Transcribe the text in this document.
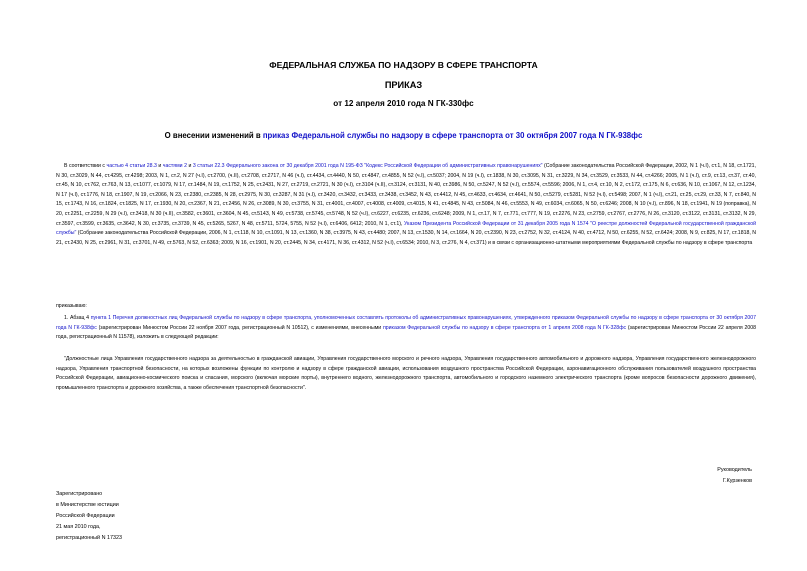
ФЕДЕРАЛЬНАЯ СЛУЖБА ПО НАДЗОРУ В СФЕРЕ ТРАНСПОРТА
ПРИКАЗ
от 12 апреля 2010 года N ГК-330фс
О внесении изменений в приказ Федеральной службы по надзору в сфере транспорта от 30 октября 2007 года N ГК-938фс
В соответствии с частью 4 статьи 28.3 и частями 2 и 3 статьи 22.3 Федерального закона от 30 декабря 2001 года N 195-ФЗ "Кодекс Российской Федерации об административных правонарушениях" (Собрание законодательства Российской Федерации, 2002, N 1 (ч.I), ст.1, N 18, ст.1721, N 30, ст.3029, N 44, ст.4295, ст.4298; 2003, N 1, ст.2, N 27 (ч.I), ст.2700, (ч.II), ст.2708, ст.2717, N 46 (ч.I), ст.4434, ст.4440, N 50, ст.4847, ст.4855, N 52 (ч.I), ст.5037; 2004, N 19 (ч.I), ст.1838, N 30, ст.3095, N 31, ст.3229, N 34, ст.3529, ст.3533, N 44, ст.4266; 2005, N 1 (ч.I), ст.9, ст.13, ст.37, ст.40, ст.45, N 10, ст.762, ст.763, N 13, ст.1077, ст.1079, N 17, ст.1484, N 19, ст.1752, N 25, ст.2431, N 27, ст.2719, ст.2721, N 30 (ч.I), ст.3104 (ч.II), ст.3124, ст.3131, N 40, ст.3986, N 50, ст.5247, N 52 (ч.I), ст.5574, ст.5596; 2006, N 1, ст.4, ст.10, N 2, ст.172, ст.175, N 6, ст.636, N 10, ст.1067, N 12, ст.1234, N 17 (ч.I), ст.1776, N 18, ст.1907, N 19, ст.2066, N 23, ст.2380, ст.2385, N 28, ст.2975, N 30, ст.3287, N 31 (ч.I), ст.3420, ст.3432, ст.3433, ст.3438, ст.3452, N 43, ст.4412, N 45, ст.4633, ст.4634, ст.4641, N 50, ст.5279, ст.5281, N 52 (ч.I), ст.5498; 2007, N 1 (ч.I), ст.21, ст.25, ст.29, ст.33, N 7, ст.840, N 15, ст.1743, N 16, ст.1824, ст.1825, N 17, ст.1930, N 20, ст.2367, N 21, ст.2456, N 26, ст.3089, N 30, ст.3755, N 31, ст.4001, ст.4007, ст.4008, ст.4009, ст.4015, N 41, ст.4845, N 43, ст.5084, N 46, ст.5553, N 49, ст.6034, ст.6065, N 50, ст.6246; 2008, N 10 (ч.I), ст.896, N 18, ст.1941, N 19 (поправка), N 20, ст.2251, ст.2259, N 29 (ч.I), ст.3418, N 30 (ч.II), ст.3582, ст.3601, ст.3604, N 45, ст.5143, N 49, ст.5738, ст.5745, ст.5748, N 52 (ч.I), ст.6227, ст.6235, ст.6236, ст.6248; 2009, N 1, ст.17, N 7, ст.771, ст.777, N 19, ст.2276, N 23, ст.2759, ст.2767, ст.2776, N 26, ст.3120, ст.3122, ст.3131, ст.3132, N 29, ст.3597, ст.3599, ст.3635, ст.3642, N 30, ст.3735, ст.3739, N 45, ст.5265, 5267, N 48, ст.5711, 5724, 5755, N 52 (ч.I), ст.6406, 6412; 2010, N 1, ст.1), Указом Президента Российской Федерации от 31 декабря 2005 года N 1574 "О реестре должностей Федеральной государственной гражданской службы" (Собрание законодательства Российской Федерации, 2006, N 1, ст.118, N 10, ст.1091, N 13, ст.1360, N 38, ст.3975, N 43, ст.4480; 2007, N 13, ст.1530, N 14, ст.1664, N 20, ст.2390, N 23, ст.2752, N 32, ст.4124, N 40, ст.4712, N 50, ст.6255, N 52, ст.6424; 2008, N 9, ст.825, N 17, ст.1818, N 21, ст.2430, N 25, ст.2961, N 31, ст.3701, N 49, ст.5763, N 52, ст.6363; 2009, N 16, ст.1901, N 20, ст.2445, N 34, ст.4171, N 36, ст.4312, N 52 (ч.I), ст.6534; 2010, N 3, ст.276, N 4, ст.371) и в связи с организационно-штатными мероприятиями Федеральной службы по надзору в сфере транспорта
приказываю:
1. Абзац 4 пункта 1 Перечня должностных лиц Федеральной службы по надзору в сфере транспорта, уполномоченных составлять протоколы об административных правонарушениях, утвержденного приказом Федеральной службы по надзору в сфере транспорта от 30 октября 2007 года N ГК-938фс (зарегистрирован Минюстом России 22 ноября 2007 года, регистрационный N 10512), с изменениями, внесенными приказом Федеральной службы по надзору в сфере транспорта от 1 апреля 2008 года N ГК-328фс (зарегистрирован Минюстом России 22 апреля 2008 года, регистрационный N 11578), изложить в следующей редакции:
"Должностные лица Управления государственного надзора за деятельностью в гражданской авиации, Управления государственного морского и речного надзора, Управления государственного автомобильного и дорожного надзора, Управления государственного железнодорожного надзора, Управления транспортной безопасности, на которых возложены функции по контролю и надзору в сфере гражданской авиации, использования воздушного пространства Российской Федерации, аэронавигационного обслуживания пользователей воздушного пространства Российской Федерации, авиационно-космического поиска и спасания, морского (включая морские порты), внутреннего водного, железнодорожного транспорта, автомобильного и городского наземного электрического транспорта (кроме вопросов безопасности дорожного движения), промышленного транспорта и дорожного хозяйства, а также обеспечения транспортной безопасности".
Руководитель
Г.Курзенков
Зарегистрировано
в Министерстве юстиции
Российской Федерации
21 мая 2010 года,
регистрационный N 17323
